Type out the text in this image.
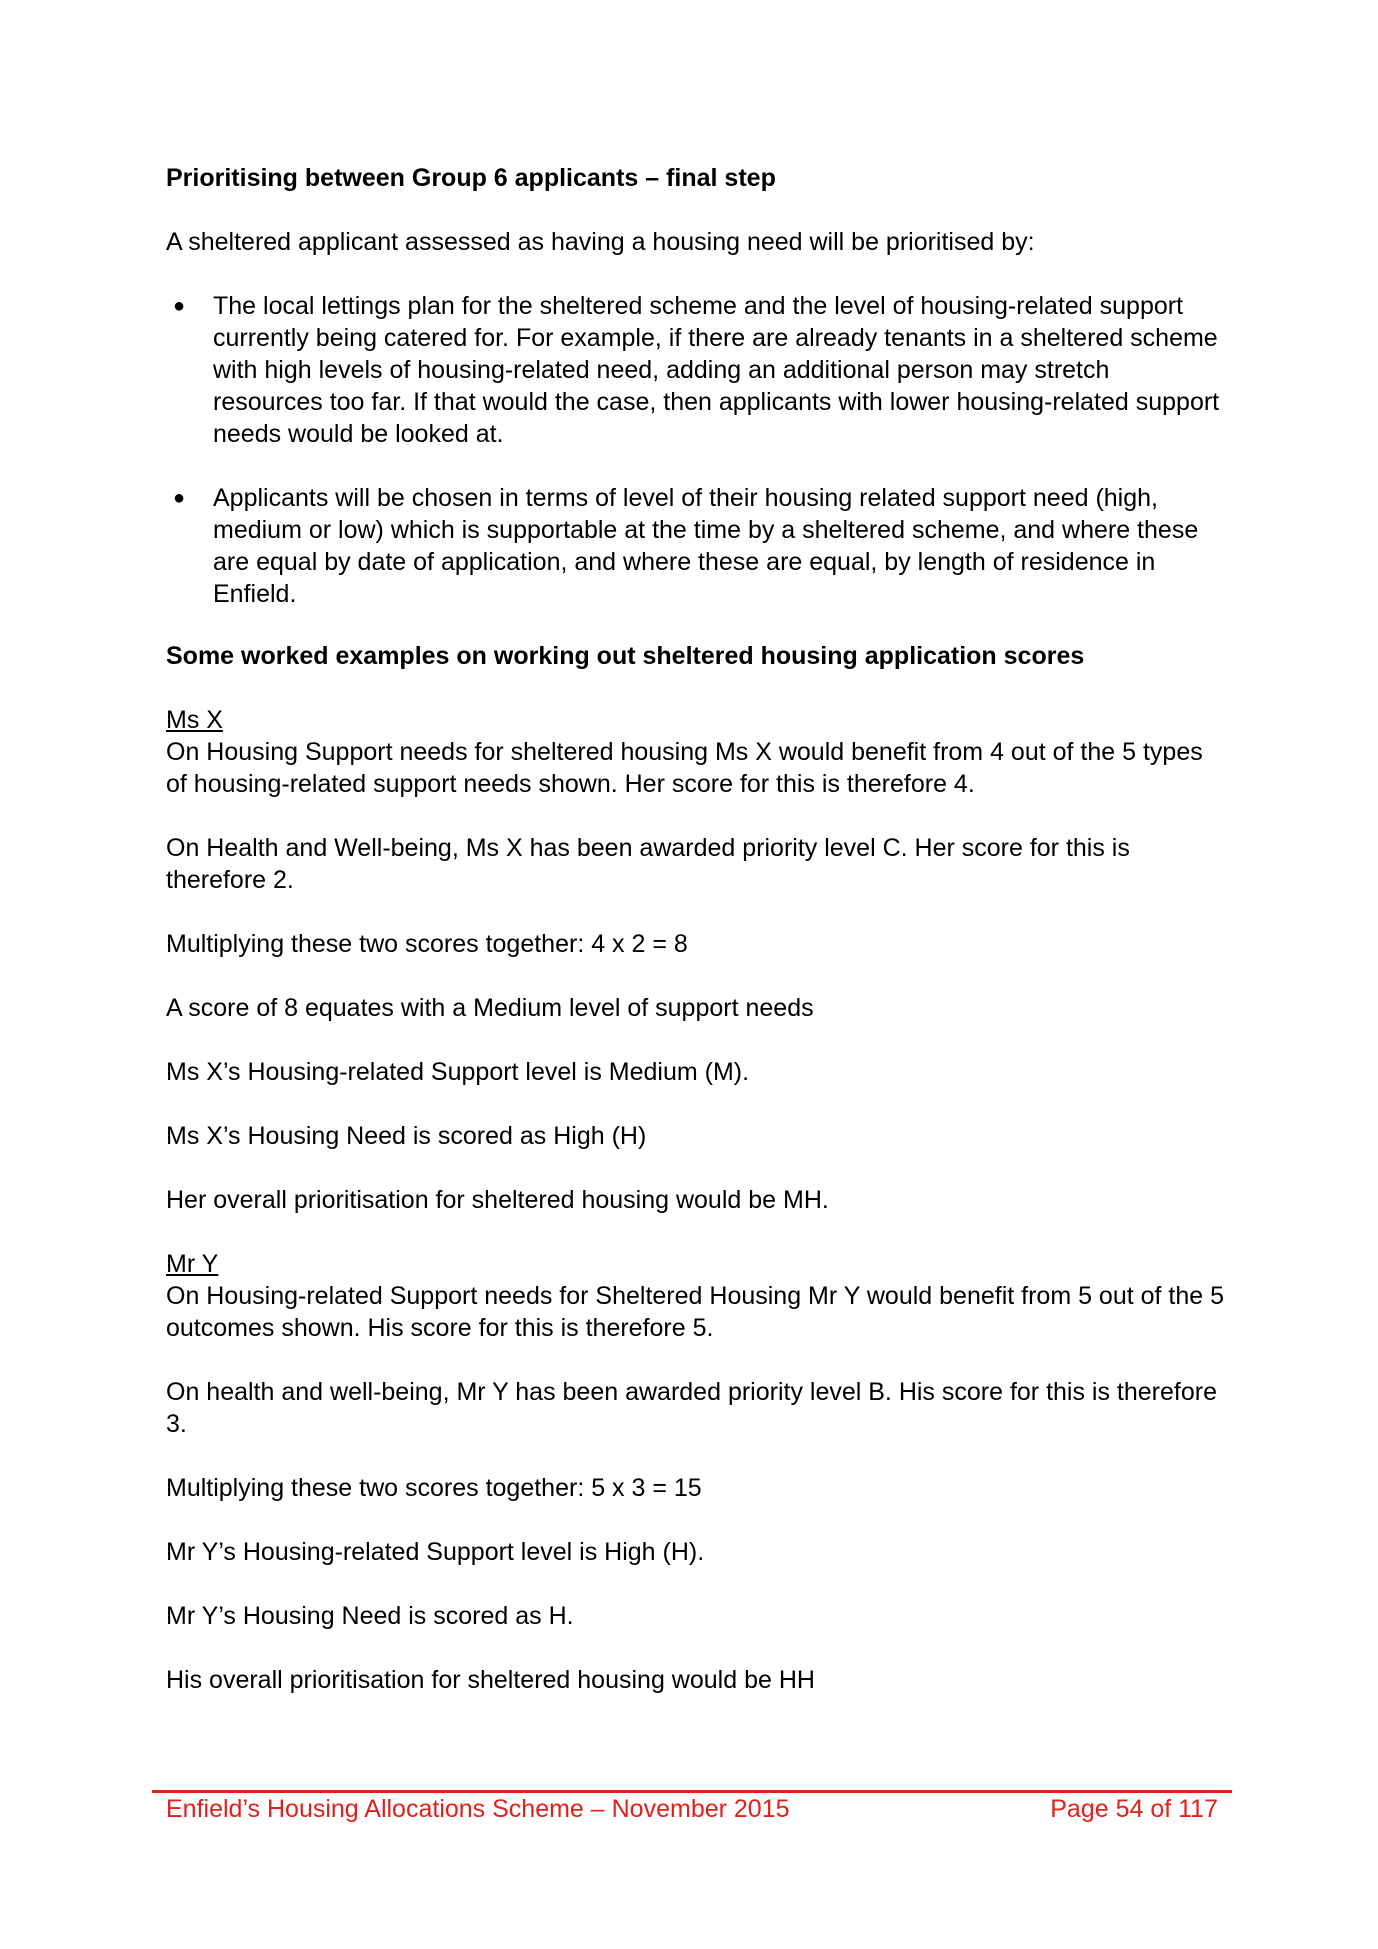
Prioritising between Group 6 applicants – final step

A sheltered applicant assessed as having a housing need will be prioritised by:

● The local lettings plan for the sheltered scheme and the level of housing-related support currently being catered for. For example, if there are already tenants in a sheltered scheme with high levels of housing-related need, adding an additional person may stretch resources too far. If that would the case, then applicants with lower housing-related support needs would be looked at.
● Applicants will be chosen in terms of level of their housing related support need (high, medium or low) which is supportable at the time by a sheltered scheme, and where these are equal by date of application, and where these are equal, by length of residence in Enfield.

Some worked examples on working out sheltered housing application scores

Ms X

On Housing Support needs for sheltered housing Ms X would benefit from 4 out of the 5 types of housing-related support needs shown. Her score for this is therefore 4.

On Health and Well-being, Ms X has been awarded priority level C. Her score for this is therefore 2.

Multiplying these two scores together: 4 x 2 = 8

A score of 8 equates with a Medium level of support needs

Ms X’s Housing-related Support level is Medium (M).

Ms X’s Housing Need is scored as High (H)

Her overall prioritisation for sheltered housing would be MH.

Mr Y

On Housing-related Support needs for Sheltered Housing Mr Y would benefit from 5 out of the 5 outcomes shown. His score for this is therefore 5.

On health and well-being, Mr Y has been awarded priority level B. His score for this is therefore 3.

Multiplying these two scores together: 5 x 3 = 15

Mr Y’s Housing-related Support level is High (H).

Mr Y’s Housing Need is scored as H.

His overall prioritisation for sheltered housing would be HH

Enfield’s Housing Allocations Scheme – November 2015	Page 54 of 117
